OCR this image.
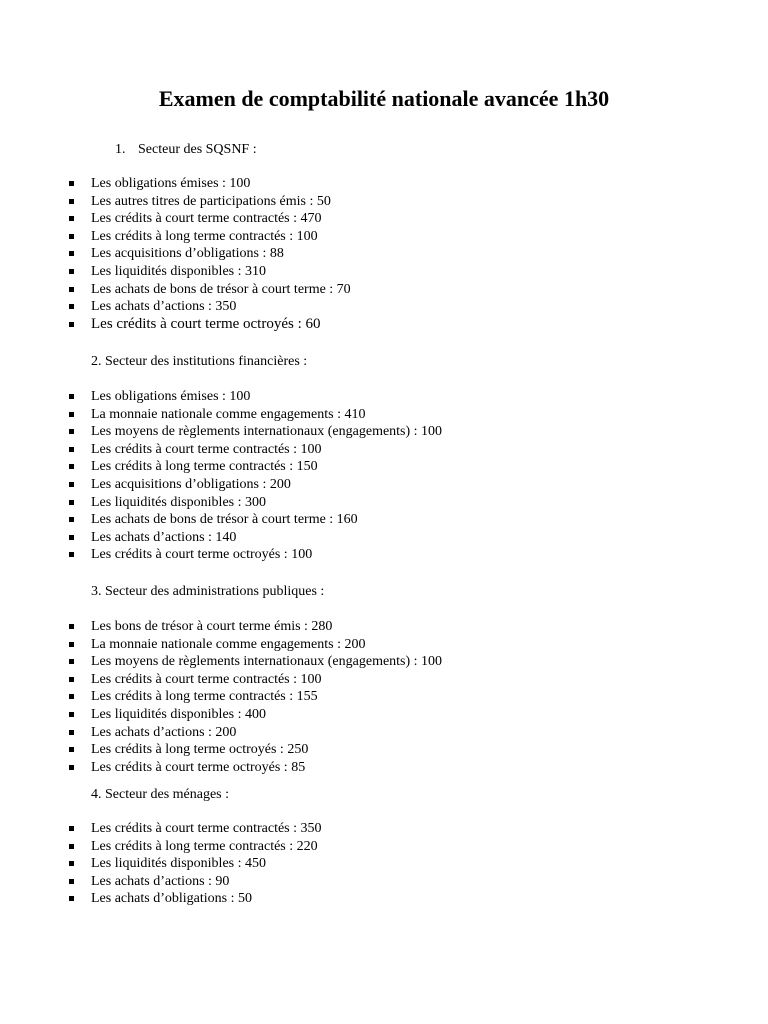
Examen de comptabilité nationale avancée 1h30

1. Secteur des SQSNF :

Les obligations émises : 100
Les autres titres de participations émis : 50
Les crédits à court terme contractés : 470
Les crédits à long terme contractés : 100
Les acquisitions d’obligations : 88
Les liquidités disponibles : 310
Les achats de bons de trésor à court terme : 70
Les achats d’actions : 350
Les crédits à court terme octroyés : 60

2. Secteur des institutions financières :

Les obligations émises : 100
La monnaie nationale comme engagements : 410
Les moyens de règlements internationaux (engagements) : 100
Les crédits à court terme contractés : 100
Les crédits à long terme contractés : 150
Les acquisitions d’obligations : 200
Les liquidités disponibles : 300
Les achats de bons de trésor à court terme : 160
Les achats d’actions : 140
Les crédits à court terme octroyés : 100

3. Secteur des administrations publiques :

Les bons de trésor à court terme émis : 280
La monnaie nationale comme engagements : 200
Les moyens de règlements internationaux (engagements) : 100
Les crédits à court terme contractés : 100
Les crédits à long terme contractés : 155
Les liquidités disponibles : 400
Les achats d’actions : 200
Les crédits à long terme octroyés : 250
Les crédits à court terme octroyés : 85

4. Secteur des ménages :

Les crédits à court terme contractés : 350
Les crédits à long terme contractés : 220
Les liquidités disponibles : 450
Les achats d’actions : 90
Les achats d’obligations : 50
